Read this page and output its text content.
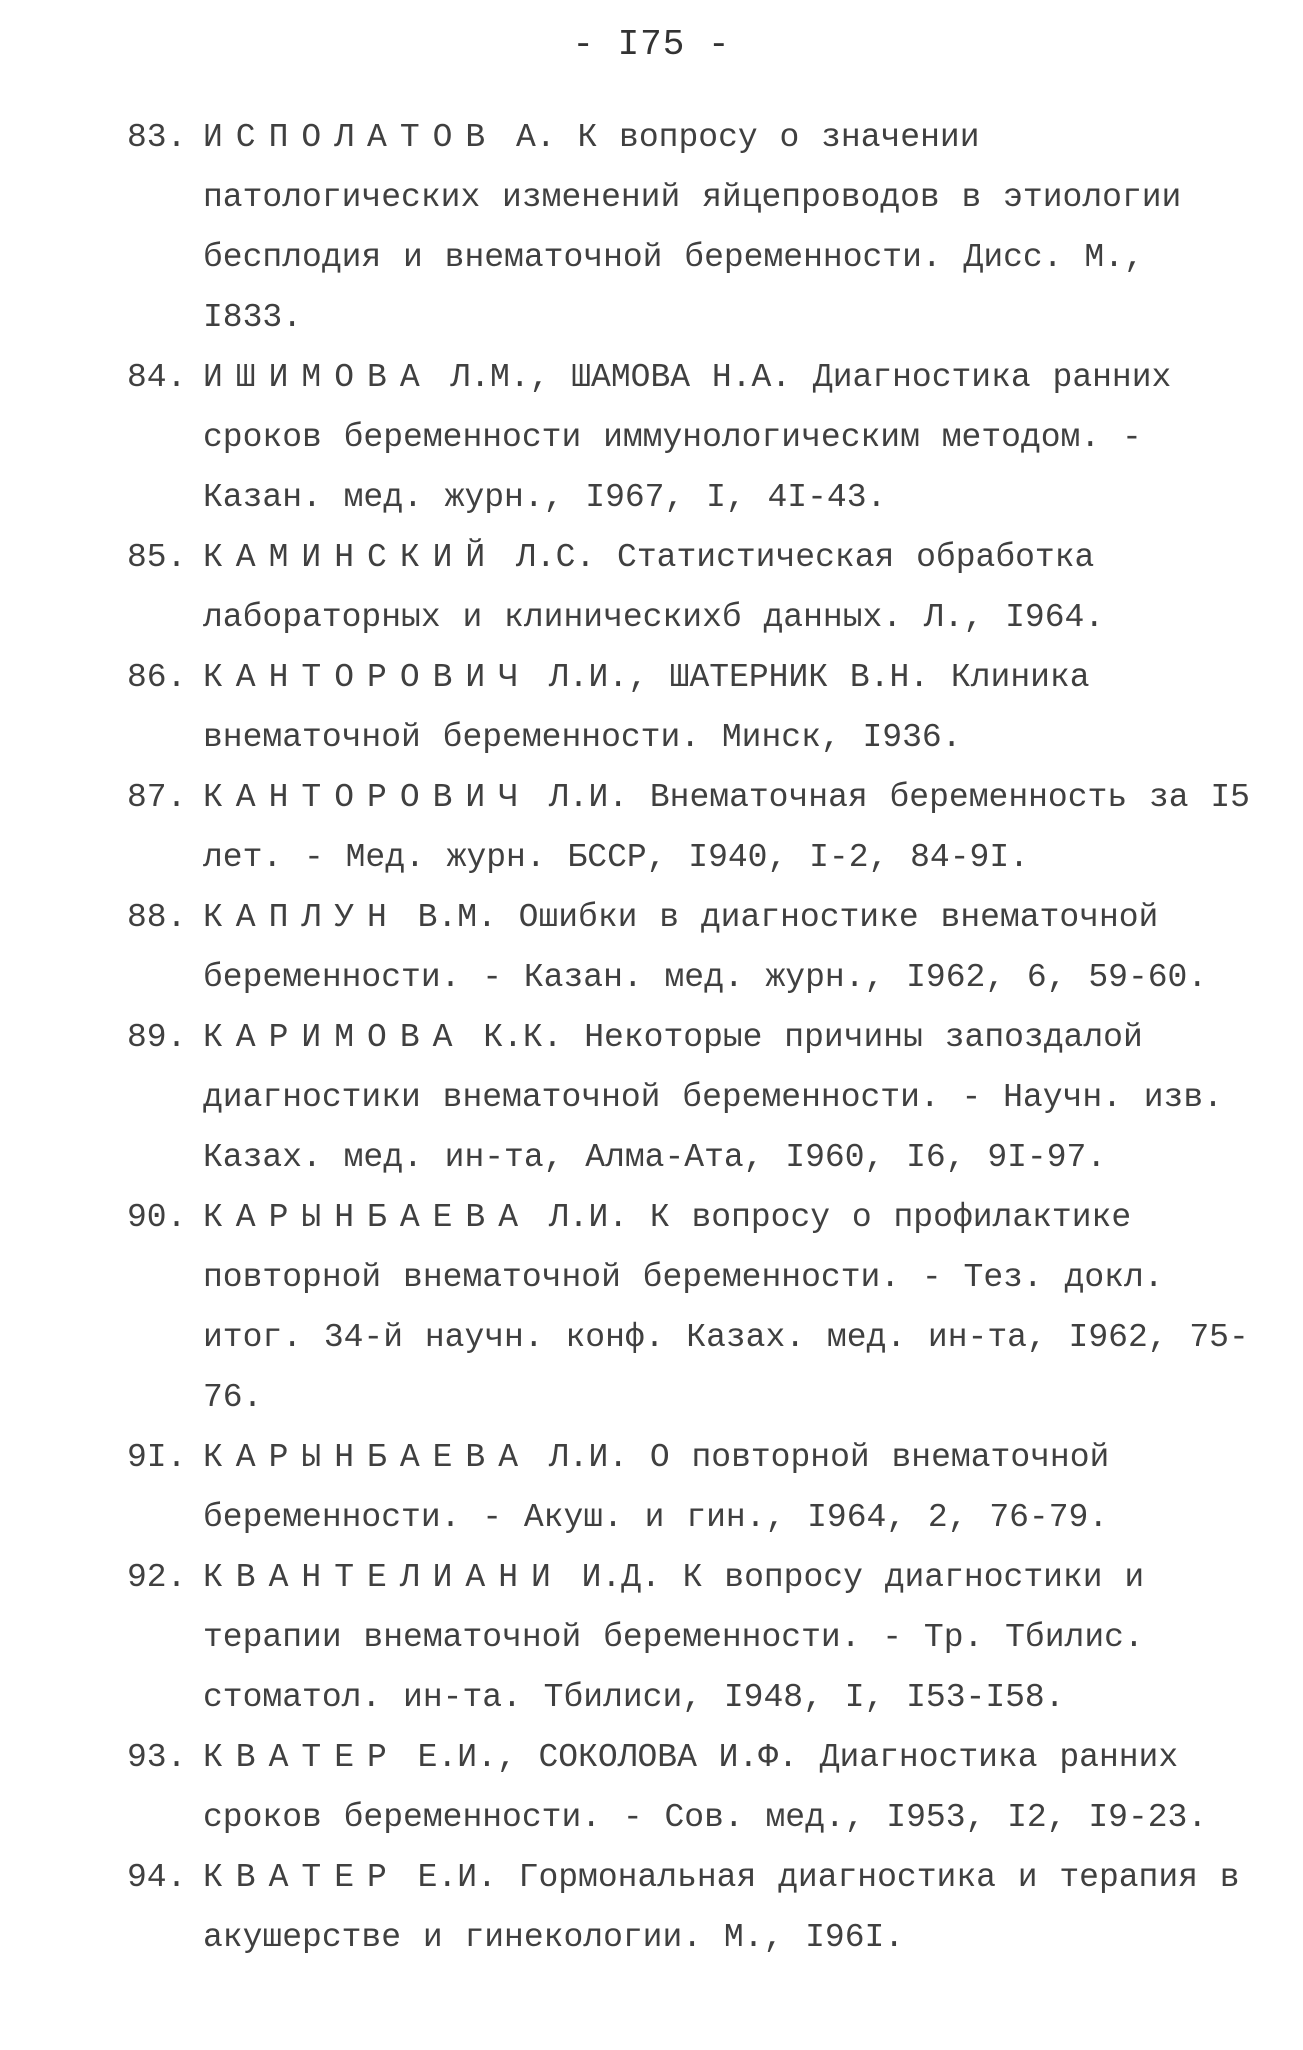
- I75 -
83. ИСПОЛАТОВ А. К вопросу о значении патологических изменений яйцепроводов в этиологии бесплодия и внематочной беременности. Дисс. М., I833.
84. ИШИМОВА Л.М., ШАМОВА Н.А. Диагностика ранних сроков беременности иммунологическим методом. - Казан. мед. журн., I967, I, 4I-43.
85. КАМИНСКИЙ Л.С. Статистическая обработка лабораторных и клиническихб данных. Л., I964.
86. КАНТОРОВИЧ Л.И., ШАТЕРНИК В.Н. Клиника внематочной беременности. Минск, I936.
87. КАНТОРОВИЧ Л.И. Внематочная беременность за I5 лет. - Мед. журн. БССР, I940, I-2, 84-9I.
88. КАПЛУН В.М. Ошибки в диагностике внематочной беременности. - Казан. мед. журн., I962, 6, 59-60.
89. КАРИМОВА К.К. Некоторые причины запоздалой диагностики внематочной беременности. - Научн. изв. Казах. мед. ин-та, Алма-Ата, I960, I6, 9I-97.
90. КАРЫНБАЕВА Л.И. К вопросу о профилактике повторной внематочной беременности. - Тез. докл. итог. 34-й научн. конф. Казах. мед. ин-та, I962, 75-76.
9I. КАРЫНБАЕВА Л.И. О повторной внематочной беременности. - Акуш. и гин., I964, 2, 76-79.
92. КВАНТЕЛИАНИ И.Д. К вопросу диагностики и терапии внематочной беременности. - Тр. Тбилис. стоматол. ин-та. Тбилиси, I948, I, I53-I58.
93. КВАТЕР Е.И., СОКОЛОВА И.Ф. Диагностика ранних сроков беременности. - Сов. мед., I953, I2, I9-23.
94. КВАТЕР Е.И. Гормональная диагностика и терапия в акушерстве и гинекологии. М., I96I.
